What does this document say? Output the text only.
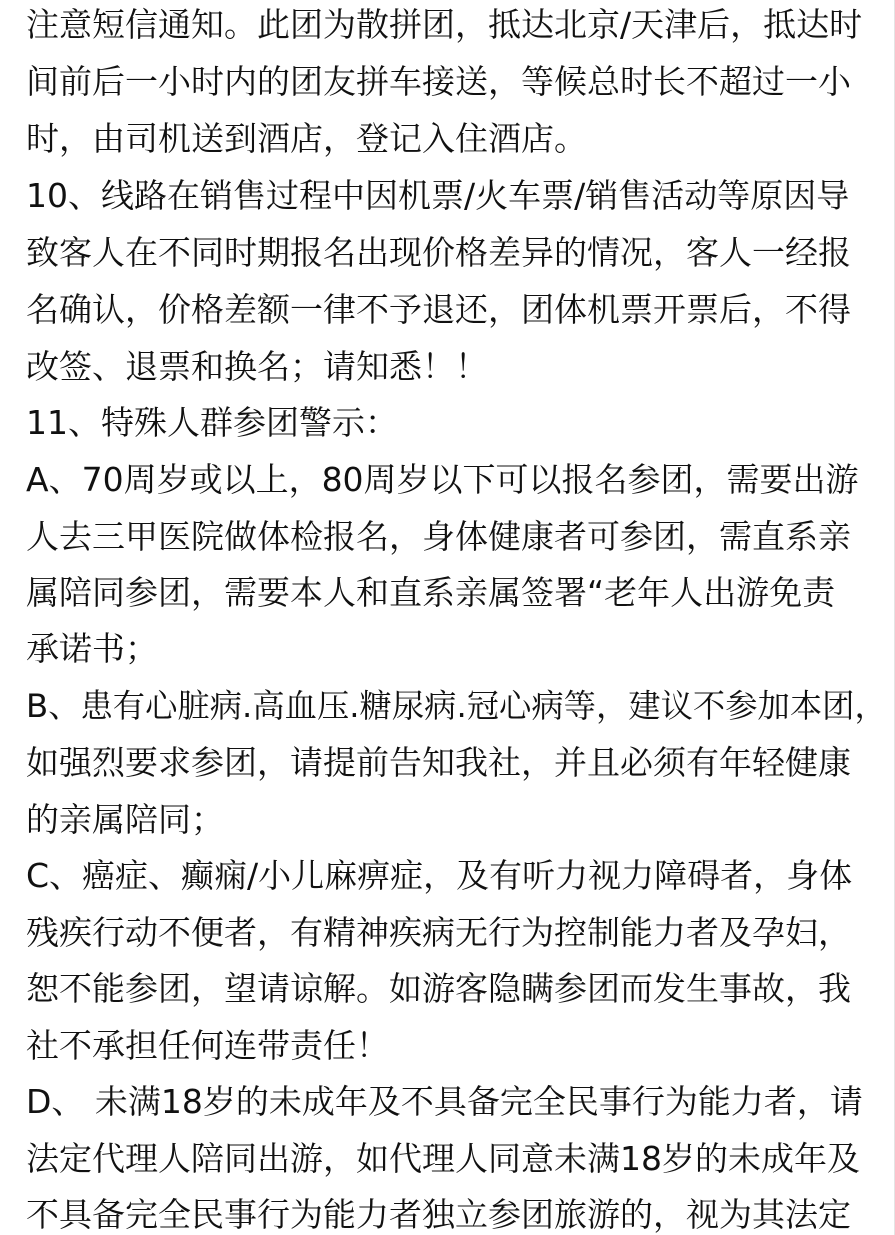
注意短信通知。此团为散拼团，抵达北京/天津后，抵达时
间前后一小时内的团友拼车接送，等候总时长不超过一小
时，由司机送到酒店，登记入住酒店。
10、线路在销售过程中因机票/火车票/销售活动等原因导
致客人在不同时期报名出现价格差异的情况，客人一经报
名确认，价格差额一律不予退还，团体机票开票后，不得
改签、退票和换名；请知悉！！
11、特殊人群参团警示：
A、70周岁或以上，80周岁以下可以报名参团，需要出游
人去三甲医院做体检报名，身体健康者可参团，需直系亲
属陪同参团，需要本人和直系亲属签署“老年人出游免责
承诺书；
B、患有心脏病.高血压.糖尿病.冠心病等，建议不参加本团，
如强烈要求参团，请提前告知我社，并且必须有年轻健康
的亲属陪同；
C、癌症、癫痫/小儿麻痹症，及有听力视力障碍者，身体
残疾行动不便者，有精神疾病无行为控制能力者及孕妇，
恕不能参团，望请谅解。如游客隐瞒参团而发生事故，我
社不承担任何连带责任！
D、 未满18岁的未成年及不具备完全民事行为能力者，请
法定代理人陪同出游，如代理人同意未满18岁的未成年及
不具备完全民事行为能力者独立参团旅游的，视为其法定
